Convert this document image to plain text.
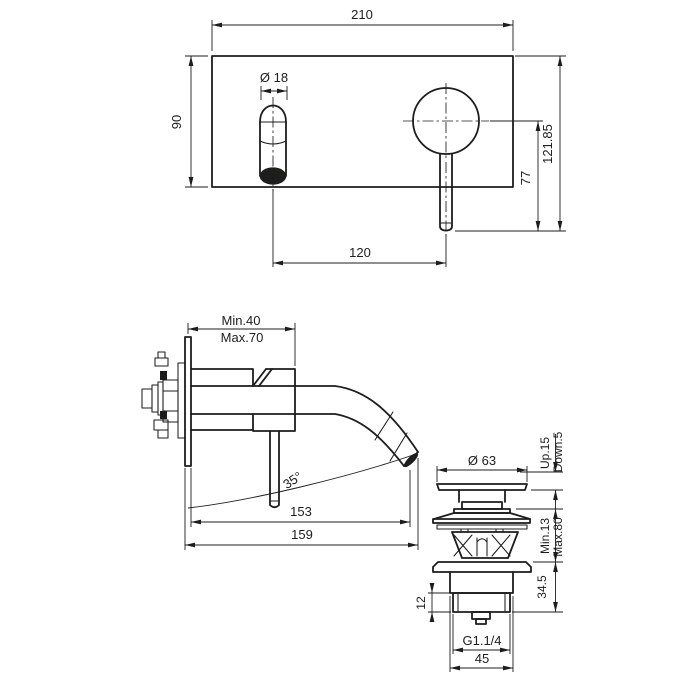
210
90
Ø 18
120
77
121.85
Min.40
Max.70
35°
153
159
Ø 63	Up.15 Down.5
Min.13 Max.80
34.5
12
G1.1/4
45
